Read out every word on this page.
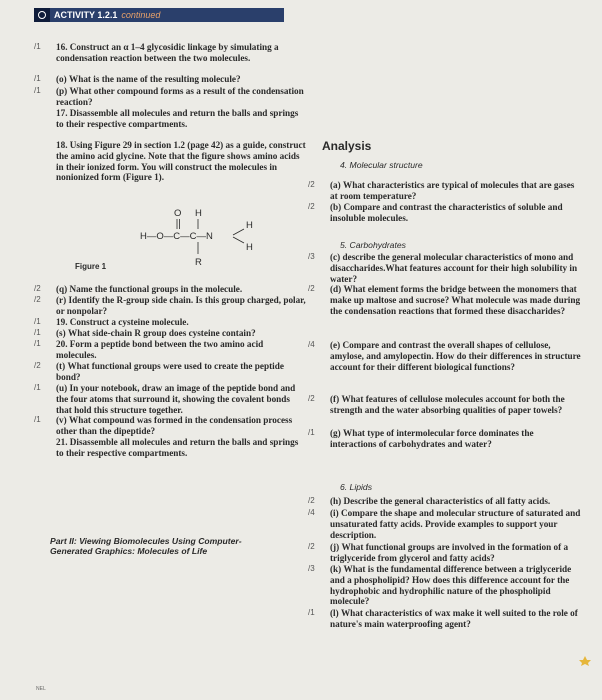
ACTIVITY 1.2.1 continued
O H
H—O—C—C—N
H
H
R
Figure 1
Part II: Viewing Biomolecules Using Computer-
Generated Graphics: Molecules of Life
Analysis
4. Molecular structure
5. Carbohydrates
6. Lipids
NEL
/1 16. Construct an α 1–4 glycosidic linkage by simulating a condensation reaction between the two molecules.

/1 (o) What is the name of the resulting molecule?

/1 (p) What other compound forms as a result of the condensation reaction?

17. Disassemble all molecules and return the balls and springs to their respective compartments.

18. Using Figure 29 in section 1.2 (page 42) as a guide, construct the amino acid glycine. Note that the figure shows amino acids in their ionized form. You will construct the molecules in nonionized form (Figure 1).

/2 (q) Name the functional groups in the molecule.

/2 (r) Identify the R-group side chain. Is this group charged, polar, or nonpolar?

/1 19. Construct a cysteine molecule.

/1 (s) What side-chain R group does cysteine contain?

/1 20. Form a peptide bond between the two amino acid molecules.

/2 (t) What functional groups were used to create the peptide bond?

/1 (u) In your notebook, draw an image of the peptide bond and the four atoms that surround it, showing the covalent bonds that hold this structure together.

/1 (v) What compound was formed in the condensation process other than the dipeptide?

21. Disassemble all molecules and return the balls and springs to their respective compartments.

/2 (a) What characteristics are typical of molecules that are gases at room temperature?

/2 (b) Compare and contrast the characteristics of soluble and insoluble molecules.

/3 (c) describe the general molecular characteristics of mono and disaccharides.What features account for their high solubility in water?

/2 (d) What element forms the bridge between the monomers that make up maltose and sucrose? What molecule was made during the condensation reactions that formed these disaccharides?

/4 (e) Compare and contrast the overall shapes of cellulose, amylose, and amylopectin. How do their differences in structure account for their different biological functions?

/2 (f) What features of cellulose molecules account for both the strength and the water absorbing qualities of paper towels?

/1 (g) What type of intermolecular force dominates the interactions of carbohydrates and water?

/2 (h) Describe the general characteristics of all fatty acids.

/4 (i) Compare the shape and molecular structure of saturated and unsaturated fatty acids. Provide examples to support your description.

/2 (j) What functional groups are involved in the formation of a triglyceride from glycerol and fatty acids?

/3 (k) What is the fundamental difference between a triglyceride and a phospholipid? How does this difference account for the hydrophobic and hydrophilic nature of the phospholipid molecule?

/1 (l) What characteristics of wax make it well suited to the role of nature's main waterproofing agent?
